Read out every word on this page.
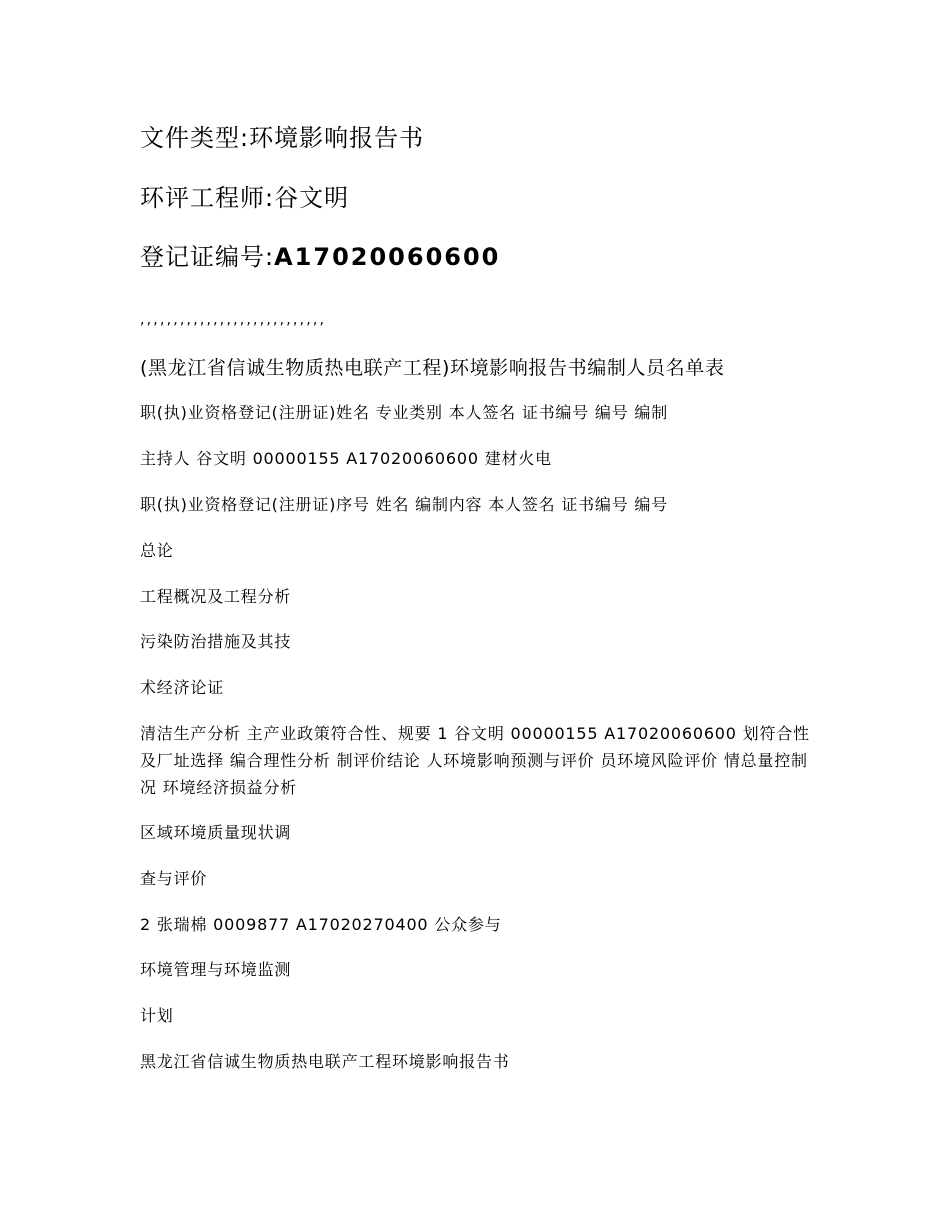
文件类型:环境影响报告书
环评工程师:谷文明
登记证编号:A17020060600
,,,,,,,,,,,,,,,,,,,,,,,,,,,,
(黑龙江省信诚生物质热电联产工程)环境影响报告书编制人员名单表
职(执)业资格登记(注册证)姓名 专业类别 本人签名 证书编号 编号 编制
主持人 谷文明 00000155 A17020060600 建材火电
职(执)业资格登记(注册证)序号 姓名 编制内容 本人签名 证书编号 编号
总论
工程概况及工程分析
污染防治措施及其技
术经济论证
清洁生产分析 主产业政策符合性、规要 1 谷文明 00000155 A17020060600 划符合性及厂址选择 编合理性分析 制评价结论 人环境影响预测与评价 员环境风险评价 情总量控制 况 环境经济损益分析
区域环境质量现状调
查与评价
2 张瑞棉 0009877 A17020270400 公众参与
环境管理与环境监测
计划
黑龙江省信诚生物质热电联产工程环境影响报告书
